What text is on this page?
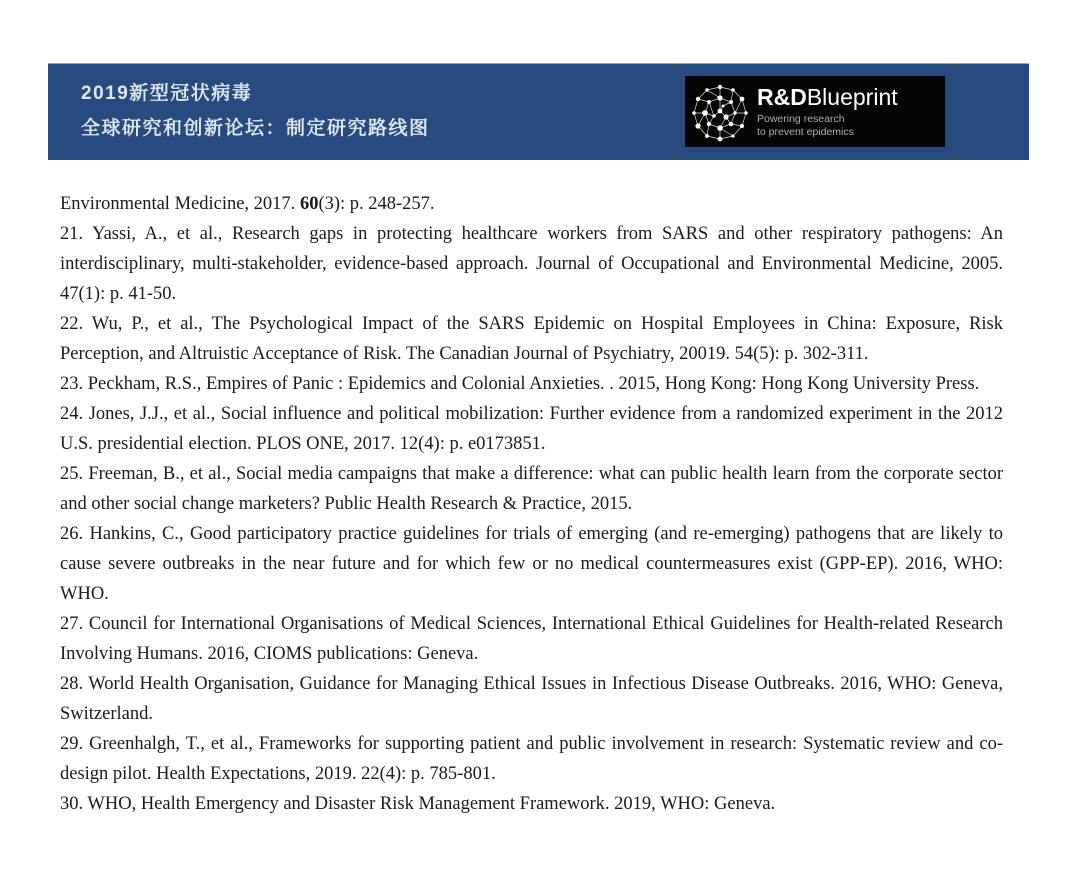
2019新型冠状病毒
全球研究和创新论坛：制定研究路线图
R&DBlueprint
Powering research
to prevent epidemics
Environmental Medicine, 2017. 60(3): p. 248-257.

21. Yassi, A., et al., Research gaps in protecting healthcare workers from SARS and other respiratory pathogens: An interdisciplinary, multi-stakeholder, evidence-based approach. Journal of Occupational and Environmental Medicine, 2005. 47(1): p. 41-50.

22. Wu, P., et al., The Psychological Impact of the SARS Epidemic on Hospital Employees in China: Exposure, Risk Perception, and Altruistic Acceptance of Risk. The Canadian Journal of Psychiatry, 20019. 54(5): p. 302-311.

23. Peckham, R.S., Empires of Panic : Epidemics and Colonial Anxieties. . 2015, Hong Kong: Hong Kong University Press.

24. Jones, J.J., et al., Social influence and political mobilization: Further evidence from a randomized experiment in the 2012 U.S. presidential election. PLOS ONE, 2017. 12(4): p. e0173851.

25. Freeman, B., et al., Social media campaigns that make a difference: what can public health learn from the corporate sector and other social change marketers? Public Health Research & Practice, 2015.

26. Hankins, C., Good participatory practice guidelines for trials of emerging (and re-emerging) pathogens that are likely to cause severe outbreaks in the near future and for which few or no medical countermeasures exist (GPP-EP). 2016, WHO: WHO.

27. Council for International Organisations of Medical Sciences, International Ethical Guidelines for Health-related Research Involving Humans. 2016, CIOMS publications: Geneva.

28. World Health Organisation, Guidance for Managing Ethical Issues in Infectious Disease Outbreaks. 2016, WHO: Geneva, Switzerland.

29. Greenhalgh, T., et al., Frameworks for supporting patient and public involvement in research: Systematic review and co-design pilot. Health Expectations, 2019. 22(4): p. 785-801.

30. WHO, Health Emergency and Disaster Risk Management Framework. 2019, WHO: Geneva.
